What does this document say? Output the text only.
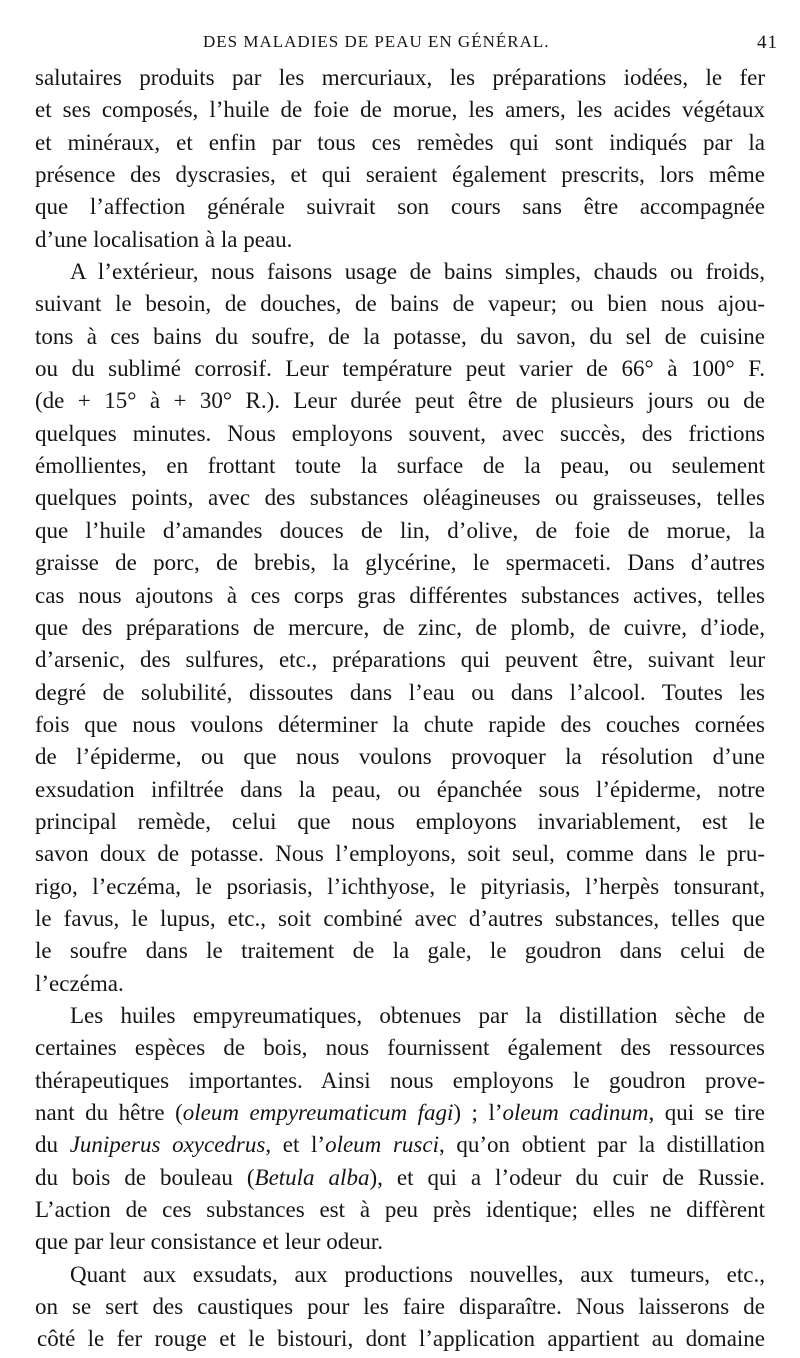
DES MALADIES DE PEAU EN GÉNÉRAL.	41
salutaires produits par les mercuriaux, les préparations iodées, le fer
et ses composés, l’huile de foie de morue, les amers, les acides végétaux
et minéraux, et enfin par tous ces remèdes qui sont indiqués par la
présence des dyscrasies, et qui seraient également prescrits, lors même
que l’affection générale suivrait son cours sans être accompagnée
d’une localisation à la peau.
A l’extérieur, nous faisons usage de bains simples, chauds ou froids,
suivant le besoin, de douches, de bains de vapeur; ou bien nous ajou-
tons à ces bains du soufre, de la potasse, du savon, du sel de cuisine
ou du sublimé corrosif. Leur température peut varier de 66° à 100° F.
(de + 15° à + 30° R.). Leur durée peut être de plusieurs jours ou de
quelques minutes. Nous employons souvent, avec succès, des frictions
émollientes, en frottant toute la surface de la peau, ou seulement
quelques points, avec des substances oléagineuses ou graisseuses, telles
que l’huile d’amandes douces de lin, d’olive, de foie de morue, la
graisse de porc, de brebis, la glycérine, le spermaceti. Dans d’autres
cas nous ajoutons à ces corps gras différentes substances actives, telles
que des préparations de mercure, de zinc, de plomb, de cuivre, d’iode,
d’arsenic, des sulfures, etc., préparations qui peuvent être, suivant leur
degré de solubilité, dissoutes dans l’eau ou dans l’alcool. Toutes les
fois que nous voulons déterminer la chute rapide des couches cornées
de l’épiderme, ou que nous voulons provoquer la résolution d’une
exsudation infiltrée dans la peau, ou épanchée sous l’épiderme, notre
principal remède, celui que nous employons invariablement, est le
savon doux de potasse. Nous l’employons, soit seul, comme dans le pru-
rigo, l’eczéma, le psoriasis, l’ichthyose, le pityriasis, l’herpès tonsurant,
le favus, le lupus, etc., soit combiné avec d’autres substances, telles que
le soufre dans le traitement de la gale, le goudron dans celui de
l’eczéma.
Les huiles empyreumatiques, obtenues par la distillation sèche de
certaines espèces de bois, nous fournissent également des ressources
thérapeutiques importantes. Ainsi nous employons le goudron prove-
nant du hêtre (oleum empyreumaticum fagi) ; l’oleum cadinum, qui se tire
du Juniperus oxycedrus, et l’oleum rusci, qu’on obtient par la distillation
du bois de bouleau (Betula alba), et qui a l’odeur du cuir de Russie.
L’action de ces substances est à peu près identique; elles ne diffèrent
que par leur consistance et leur odeur.
Quant aux exsudats, aux productions nouvelles, aux tumeurs, etc.,
on se sert des caustiques pour les faire disparaître. Nous laisserons de
côté le fer rouge et le bistouri, dont l’application appartient au domaine
